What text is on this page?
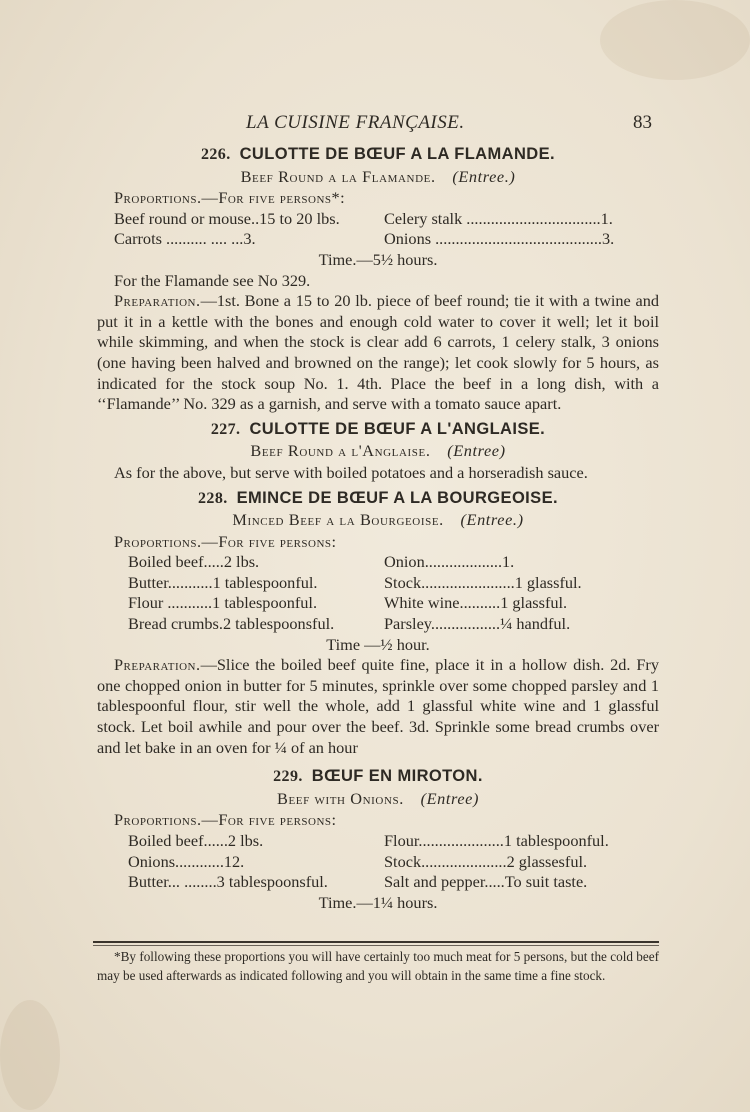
LA CUISINE FRANÇAISE.	83
226. CULOTTE DE BŒUF A LA FLAMANDE.
Beef Round a la Flamande. (Entree.)
Proportions.—For five persons*:
Beef round or mouse..15 to 20 lbs.	Celery stalk .................................1.
Carrots .......... .... ...3.	Onions .........................................3.
Time.—5½ hours.
For the Flamande see No 329.

Preparation.—1st. Bone a 15 to 20 lb. piece of beef round; tie it with a twine and put it in a kettle with the bones and enough cold water to cover it well; let it boil while skimming, and when the stock is clear add 6 carrots, 1 celery stalk, 3 onions (one having been halved and browned on the range); let cook slowly for 5 hours, as indicated for the stock soup No. 1. 4th. Place the beef in a long dish, with a ‘‘Flamande’’ No. 329 as a garnish, and serve with a tomato sauce apart.

227. CULOTTE DE BŒUF A L'ANGLAISE.
Beef Round a l'Anglaise. (Entree)

As for the above, but serve with boiled potatoes and a horseradish sauce.

228. EMINCE DE BŒUF A LA BOURGEOISE.
Minced Beef a la Bourgeoise. (Entree.)
Proportions.—For five persons:
Boiled beef.....2 lbs.	Onion...................1.
Butter...........1 tablespoonful.	Stock.......................1 glassful.
Flour ...........1 tablespoonful.	White wine..........1 glassful.
Bread crumbs.2 tablespoonsful.	Parsley.................¼ handful.
Time —½ hour.

Preparation.—Slice the boiled beef quite fine, place it in a hollow dish. 2d. Fry one chopped onion in butter for 5 minutes, sprinkle over some chopped parsley and 1 tablespoonful flour, stir well the whole, add 1 glassful white wine and 1 glassful stock. Let boil awhile and pour over the beef. 3d. Sprinkle some bread crumbs over and let bake in an oven for ¼ of an hour

229. BŒUF EN MIROTON.
Beef with Onions. (Entree)
Proportions.—For five persons:
Boiled beef......2 lbs.	Flour.....................1 tablespoonful.
Onions............12.	Stock.....................2 glassesful.
Butter... ........3 tablespoonsful.	Salt and pepper.....To suit taste.
Time.—1¼ hours.
*By following these proportions you will have certainly too much meat for 5 persons, but the cold beef may be used afterwards as indicated following and you will obtain in the same time a fine stock.
